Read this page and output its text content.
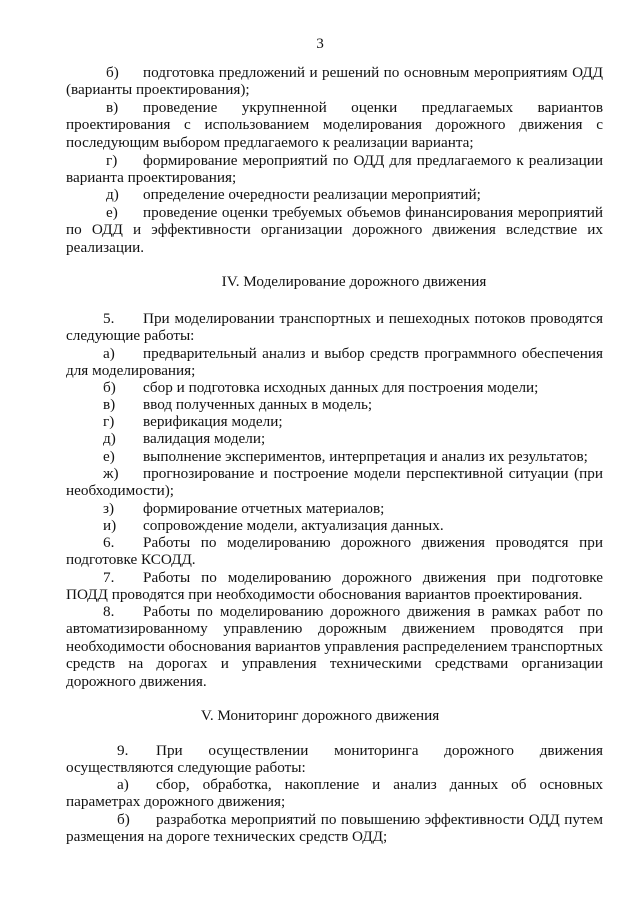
3

б) подготовка предложений и решений по основным мероприятиям ОДД (варианты проектирования);

в) проведение укрупненной оценки предлагаемых вариантов проектирования с использованием моделирования дорожного движения с последующим выбором предлагаемого к реализации варианта;

г) формирование мероприятий по ОДД для предлагаемого к реализации варианта проектирования;

д) определение очередности реализации мероприятий;

е) проведение оценки требуемых объемов финансирования мероприятий по ОДД и эффективности организации дорожного движения вследствие их реализации.

IV. Моделирование дорожного движения

5. При моделировании транспортных и пешеходных потоков проводятся следующие работы:

а) предварительный анализ и выбор средств программного обеспечения для моделирования;

б) сбор и подготовка исходных данных для построения модели;

в) ввод полученных данных в модель;

г) верификация модели;

д) валидация модели;

е) выполнение экспериментов, интерпретация и анализ их результатов;

ж) прогнозирование и построение модели перспективной ситуации (при необходимости);

з) формирование отчетных материалов;

и) сопровождение модели, актуализация данных.

6. Работы по моделированию дорожного движения проводятся при подготовке КСОДД.

7. Работы по моделированию дорожного движения при подготовке ПОДД проводятся при необходимости обоснования вариантов проектирования.

8. Работы по моделированию дорожного движения в рамках работ по автоматизированному управлению дорожным движением проводятся при необходимости обоснования вариантов управления распределением транспортных средств на дорогах и управления техническими средствами организации дорожного движения.

V. Мониторинг дорожного движения

9. При осуществлении мониторинга дорожного движения осуществляются следующие работы:

а) сбор, обработка, накопление и анализ данных об основных параметрах дорожного движения;

б) разработка мероприятий по повышению эффективности ОДД путем размещения на дороге технических средств ОДД;
